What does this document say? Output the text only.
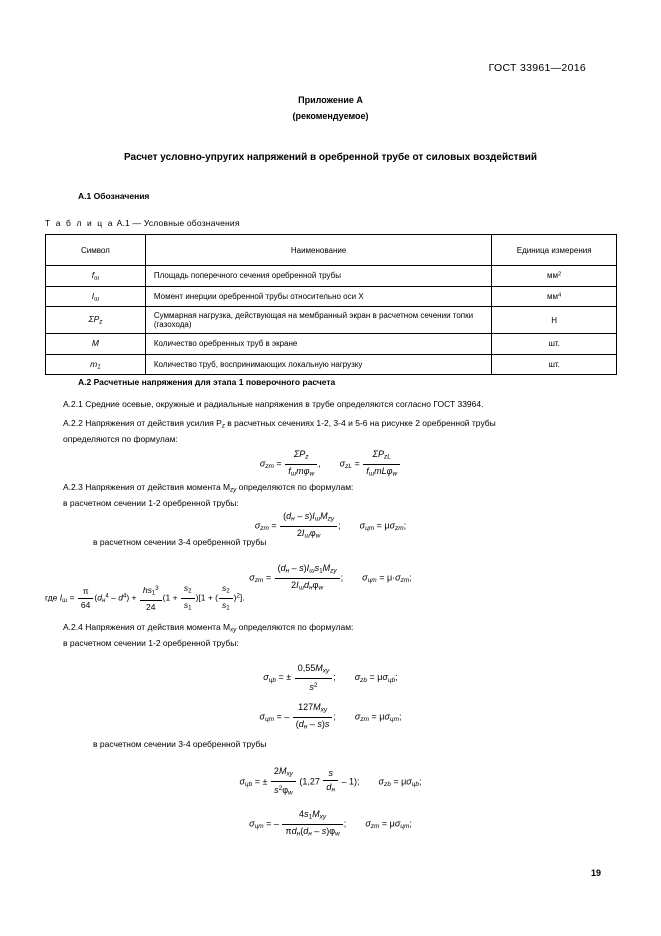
ГОСТ 33961—2016
Приложение А
(рекомендуемое)
Расчет условно-упругих напряжений в оребренной трубе от силовых воздействий
А.1 Обозначения
Т а б л и ц а А.1 — Условные обозначения
Символ	Наименование	Единица измерения
$f_ш$	Площадь поперечного сечения оребренной трубы	$мм^2$
$I_ш$	Момент инерции оребренной трубы относительно оси Х	$мм^4$
$\Sigma P_z$	Суммарная нагрузка, действующая на мембранный экран в расчетном сечении топки (газохода)	Н
М	Количество оребренных труб в экране	шт.
$m_1$	Количество труб, воспринимающих локальную нагрузку	шт.
А.2 Расчетные напряжения для этапа 1 поверочного расчета
А.2.1 Средние осевые, окружные и радиальные напряжения в трубе определяются согласно ГОСТ 33964.
А.2.2 Напряжения от действия усилия $P_z$ в расчетных сечениях 1-2, 3-4 и 5-6 на рисунке 2 оребренной трубы
определяются по формулам:
$\sigma_{zm} = \frac{\Sigma P_z}{f_шm\varphi_w}$ ,  $\sigma_{zL} = \frac{\Sigma P_{zL}}{f_шmL\varphi_w}$
А.2.3 Напряжения от действия момента $M_{zy}$ определяются по формулам:
в расчетном сечении 1-2 оребренной трубы:
$\sigma_{zm} = \frac{(d_н - s)I_шM_{zy}}{2I_ш\varphi_w}$ ;  $\sigma_{цm} = \mu\sigma_{zm}$;
в расчетном сечении 3-4 оребренной трубы
$\sigma_{zm} = \frac{(d_н - s)I_шs_1M_{zy}}{2I_шd_н\varphi_w}$ ;  $\sigma_{цm} = \mu\cdot\sigma_{zm}$;
где $I_ш = \frac{\pi}{64} (d_н^4 - d^4) + \frac{hs_1^3}{24} (1 + \frac{s_2}{s_1} )[1$ + ( $\frac{s_2}{s_1} )^2$].
А.2.4 Напряжения от действия момента $M_{xy}$ определяются по формулам:
в расчетном сечении 1-2 оребренной трубы:
$\sigma_{цb}$ = ± $\frac{0,55M_{xy}}{s^2}$ ;  $\sigma_{zb} = \mu\sigma_{цb}$;
$\sigma_{цm}$ = – $\frac{127M_{xy}}{(d_н - s)s}$ ;  $\sigma_{zm} = \mu\sigma_{цm}$;
в расчетном сечении 3-4 оребренной трубы
$\sigma_{цb}$ = ± $\frac{2M_{xy}}{s^2\varphi_w} (1,27 \frac{s}{d_н} - 1)$;  $\sigma_{zb} = \mu\sigma_{цb}$;
$\sigma_{цm}$ = – $\frac{4s_1M_{xy}}{\pi d_н(d_н - s)\varphi_w}$ ;  $\sigma_{zm} = \mu\sigma_{цm}$;
19
